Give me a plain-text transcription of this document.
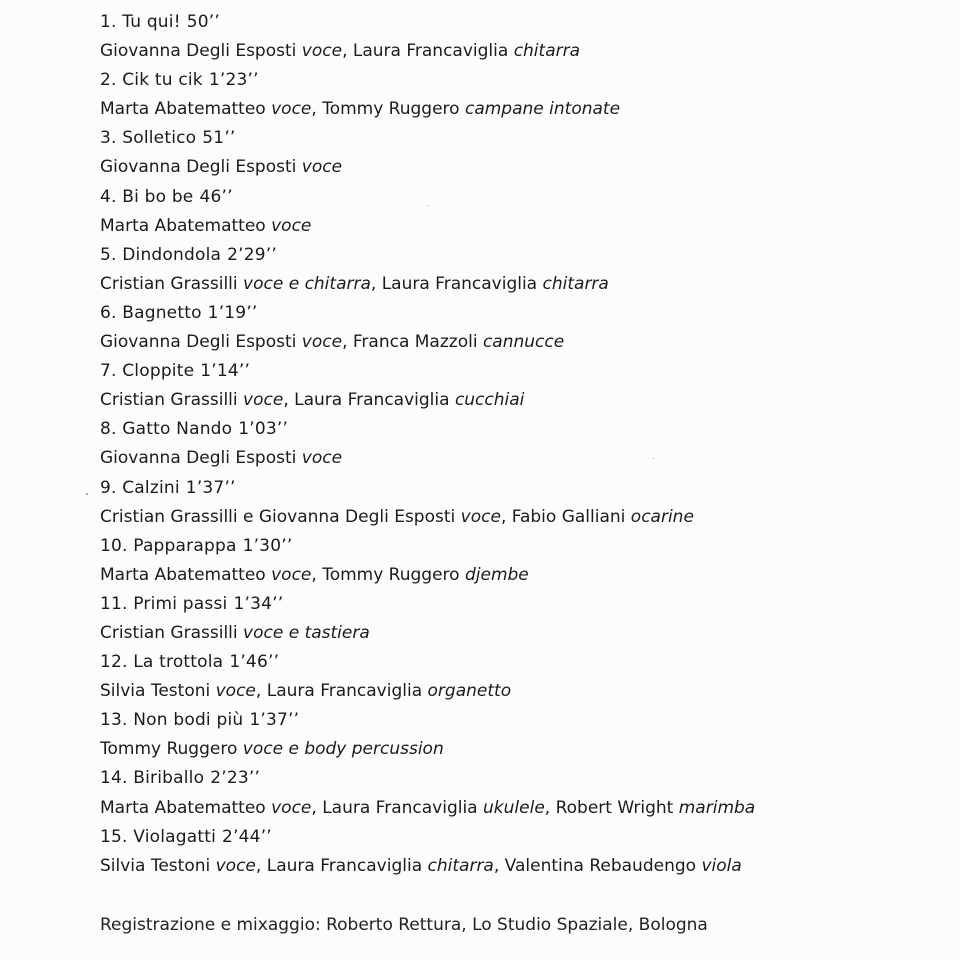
1. Tu qui! 50’’
Giovanna Degli Esposti voce, Laura Francaviglia chitarra
2. Cik tu cik 1’23’’
Marta Abatematteo voce, Tommy Ruggero campane intonate
3. Solletico 51’’
Giovanna Degli Esposti voce
4. Bi bo be 46’’
Marta Abatematteo voce
5. Dindondola 2’29’’
Cristian Grassilli voce e chitarra, Laura Francaviglia chitarra
6. Bagnetto 1’19’’
Giovanna Degli Esposti voce, Franca Mazzoli cannucce
7. Cloppite 1’14’’
Cristian Grassilli voce, Laura Francaviglia cucchiai
8. Gatto Nando 1’03’’
Giovanna Degli Esposti voce
9. Calzini 1’37’’
Cristian Grassilli e Giovanna Degli Esposti voce, Fabio Galliani ocarine
10. Papparappa 1’30’’
Marta Abatematteo voce, Tommy Ruggero djembe
11. Primi passi 1’34’’
Cristian Grassilli voce e tastiera
12. La trottola 1’46’’
Silvia Testoni voce, Laura Francaviglia organetto
13. Non bodi più 1’37’’
Tommy Ruggero voce e body percussion
14. Biriballo 2’23’’
Marta Abatematteo voce, Laura Francaviglia ukulele, Robert Wright marimba
15. Violagatti 2’44’’
Silvia Testoni voce, Laura Francaviglia chitarra, Valentina Rebaudengo viola
Registrazione e mixaggio: Roberto Rettura, Lo Studio Spaziale, Bologna
